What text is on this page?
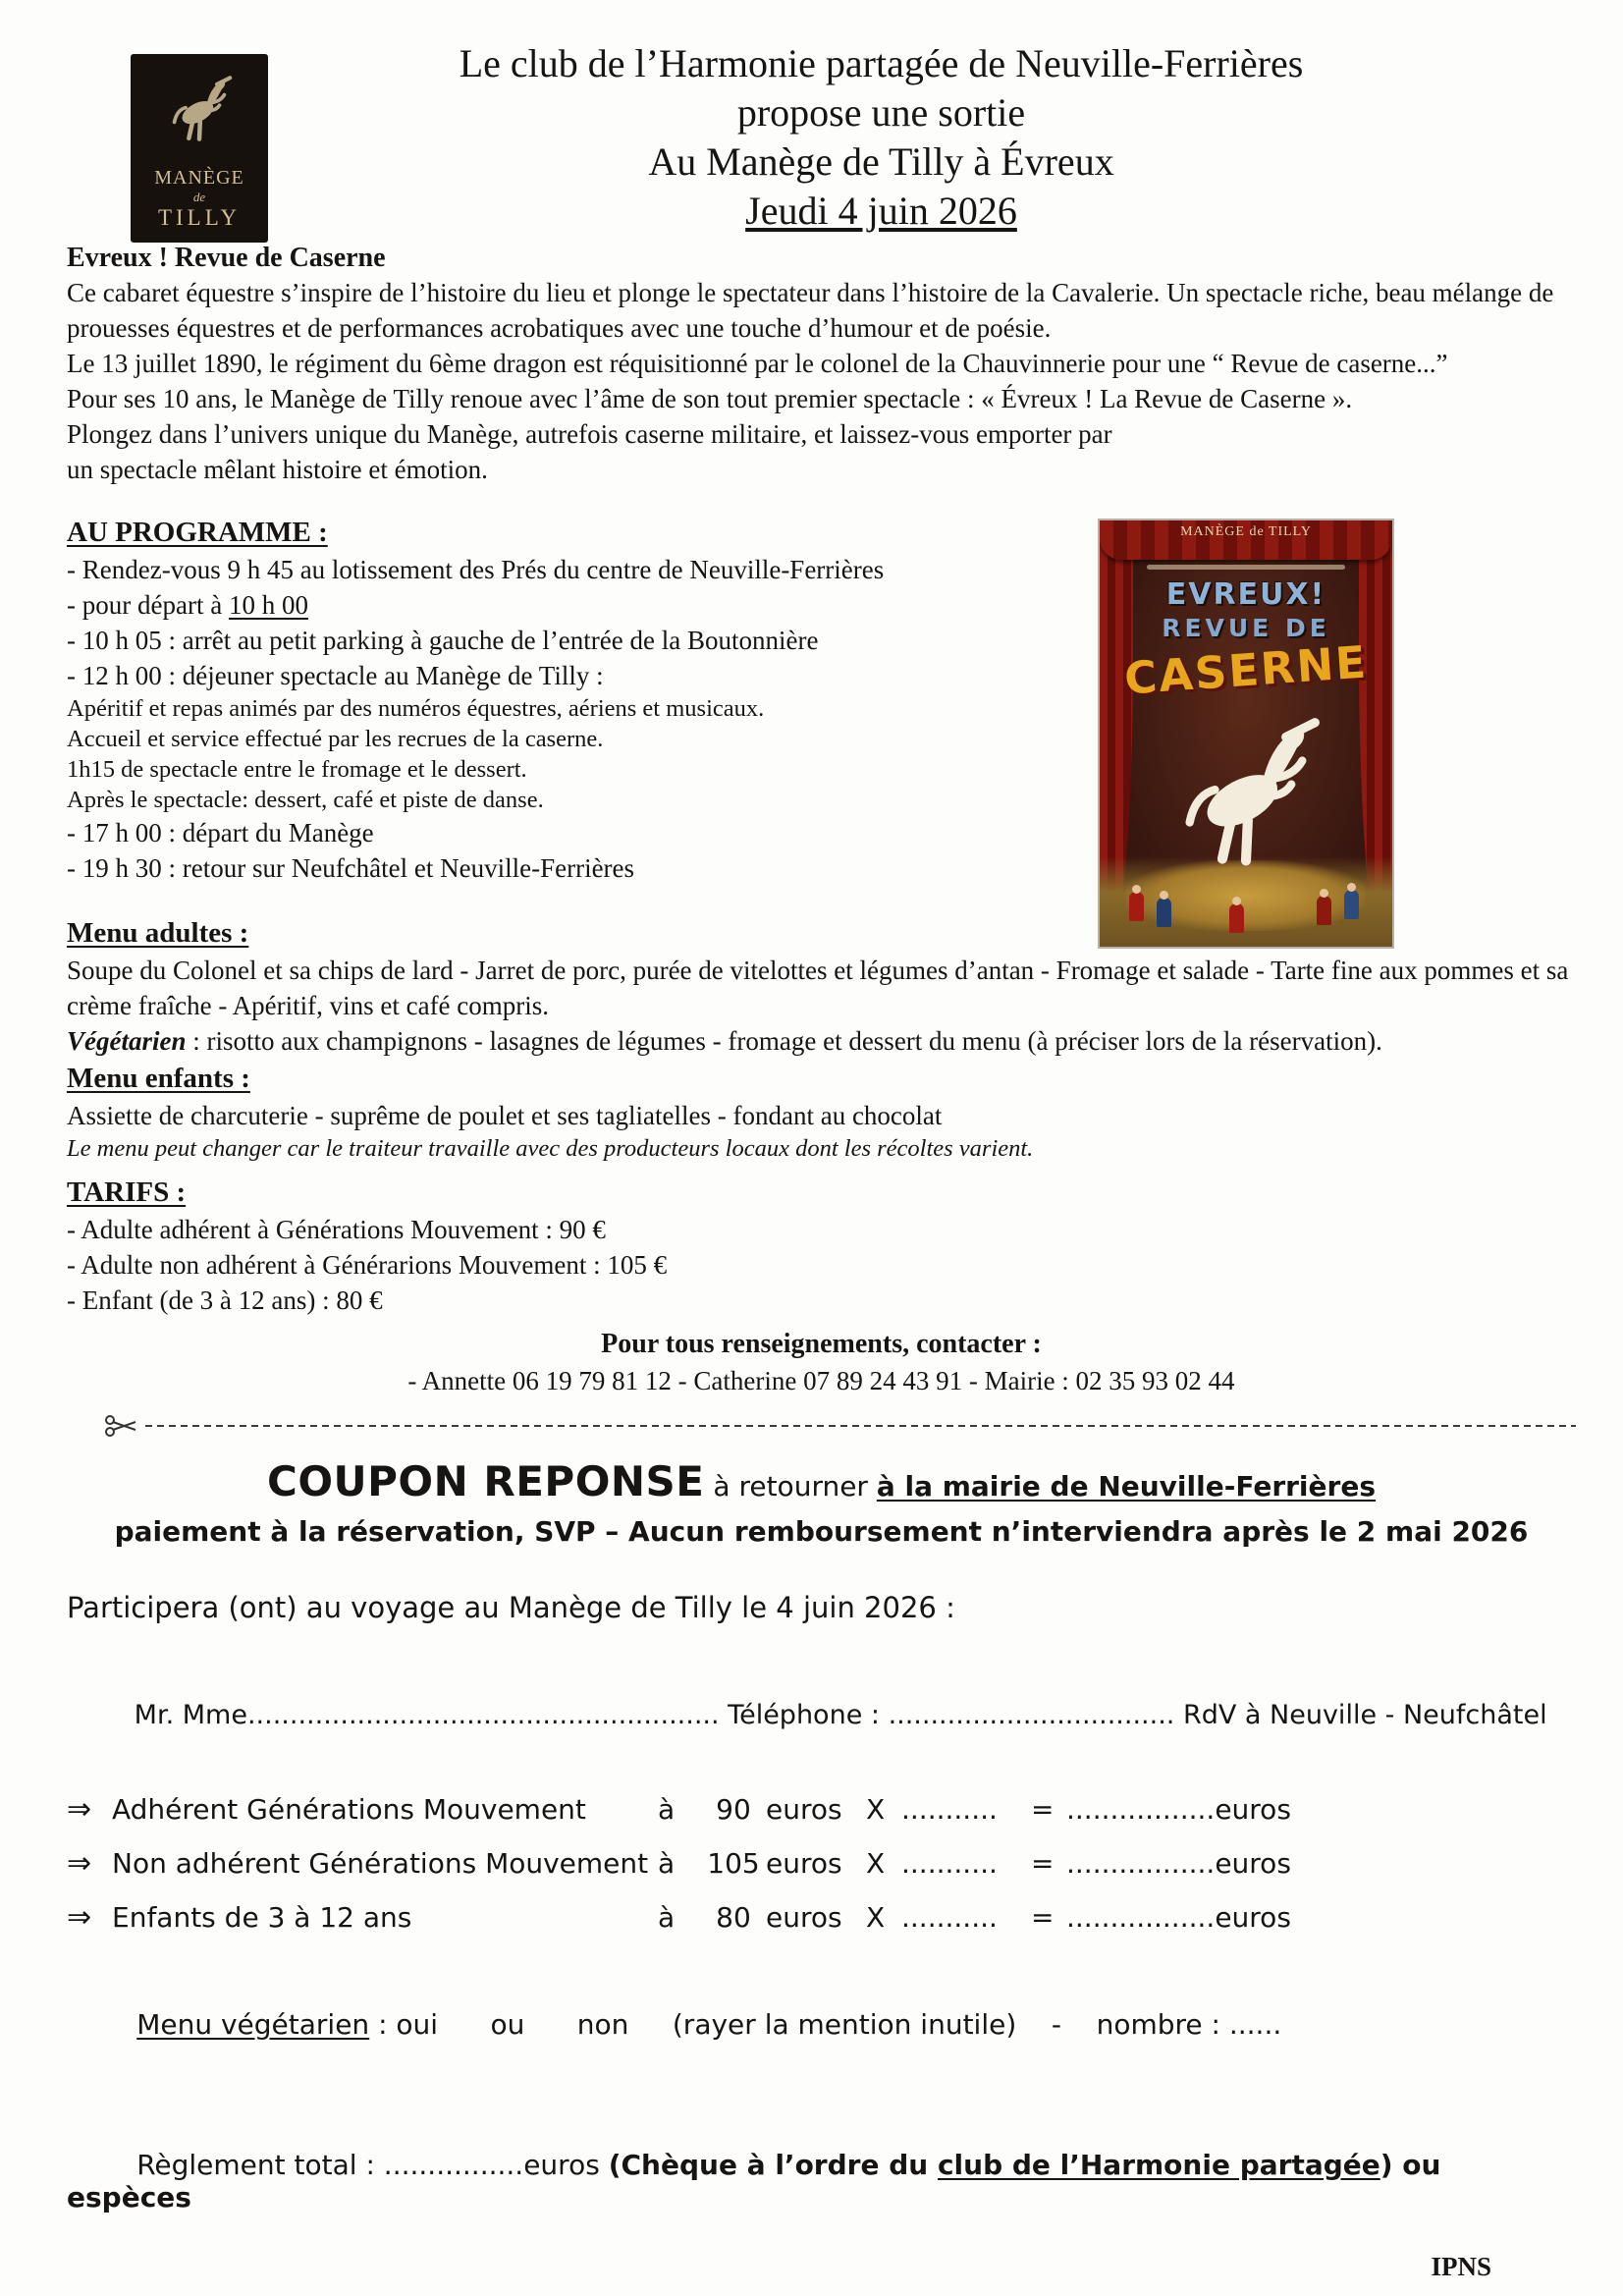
MANÈGE
de
TILLY
Le club de l’Harmonie partagée de Neuville-Ferrières
propose une sortie
Au Manège de Tilly à Évreux
Jeudi 4 juin 2026
MANÈGE de TILLY
EVREUX!
REVUE DE
CASERNE
Evreux ! Revue de Caserne

Ce cabaret équestre s’inspire de l’histoire du lieu et plonge le spectateur dans l’histoire de la Cavalerie. Un spectacle riche, beau mélange de prouesses équestres et de performances acrobatiques avec une touche d’humour et de poésie.

Le 13 juillet 1890, le régiment du 6ème dragon est réquisitionné par le colonel de la Chauvinnerie pour une “ Revue de caserne...”

Pour ses 10 ans, le Manège de Tilly renoue avec l’âme de son tout premier spectacle : « Évreux ! La Revue de Caserne ».

Plongez dans l’univers unique du Manège, autrefois caserne militaire, et laissez-vous emporter par un spectacle mêlant histoire et émotion.

AU PROGRAMME :
- Rendez-vous 9 h 45 au lotissement des Prés du centre de Neuville-Ferrières
- pour départ à 10 h 00
- 10 h 05 : arrêt au petit parking à gauche de l’entrée de la Boutonnière
- 12 h 00 : déjeuner spectacle au Manège de Tilly :
Apéritif et repas animés par des numéros équestres, aériens et musicaux.
Accueil et service effectué par les recrues de la caserne.
1h15 de spectacle entre le fromage et le dessert.
Après le spectacle: dessert, café et piste de danse.
- 17 h 00 : départ du Manège
- 19 h 30 : retour sur Neufchâtel et Neuville-Ferrières
Menu adultes :

Soupe du Colonel et sa chips de lard - Jarret de porc, purée de vitelottes et légumes d’antan - Fromage et salade - Tarte fine aux pommes et sa crème fraîche - Apéritif, vins et café compris.

Végétarien : risotto aux champignons - lasagnes de légumes - fromage et dessert du menu (à préciser lors de la réservation).

Menu enfants :

Assiette de charcuterie - suprême de poulet et ses tagliatelles - fondant au chocolat

Le menu peut changer car le traiteur travaille avec des producteurs locaux dont les récoltes varient.

TARIFS :
- Adulte adhérent à Générations Mouvement : 90 €
- Adulte non adhérent à Générarions Mouvement : 105 €
- Enfant (de 3 à 12 ans) : 80 €
Pour tous renseignements, contacter :
- Annette 06 19 79 81 12 - Catherine 07 89 24 43 91 - Mairie : 02 35 93 02 44
COUPON REPONSE à retourner à la mairie de Neuville-Ferrières
paiement à la réservation, SVP – Aucun remboursement n’interviendra après le 2 mai 2026
Participera (ont) au voyage au Manège de Tilly le 4 juin 2026 :

Mr. Mme........................................................ Téléphone : .................................. RdV à Neuville - Neufchâtel

⇒ Adhérent Générations Mouvement	à	90 euros X ...........	= ................. euros
⇒ Non adhérent Générations Mouvement à	105 euros X ...........	= ................. euros
⇒ Enfants de 3 à 12 ans	à	80 euros X ...........	= ................. euros

Menu végétarien : oui      ou      non     (rayer la mention inutile)    -    nombre : ......

Règlement total : ................euros (Chèque à l’ordre du club de l’Harmonie partagée) ou    espèces

IPNS
